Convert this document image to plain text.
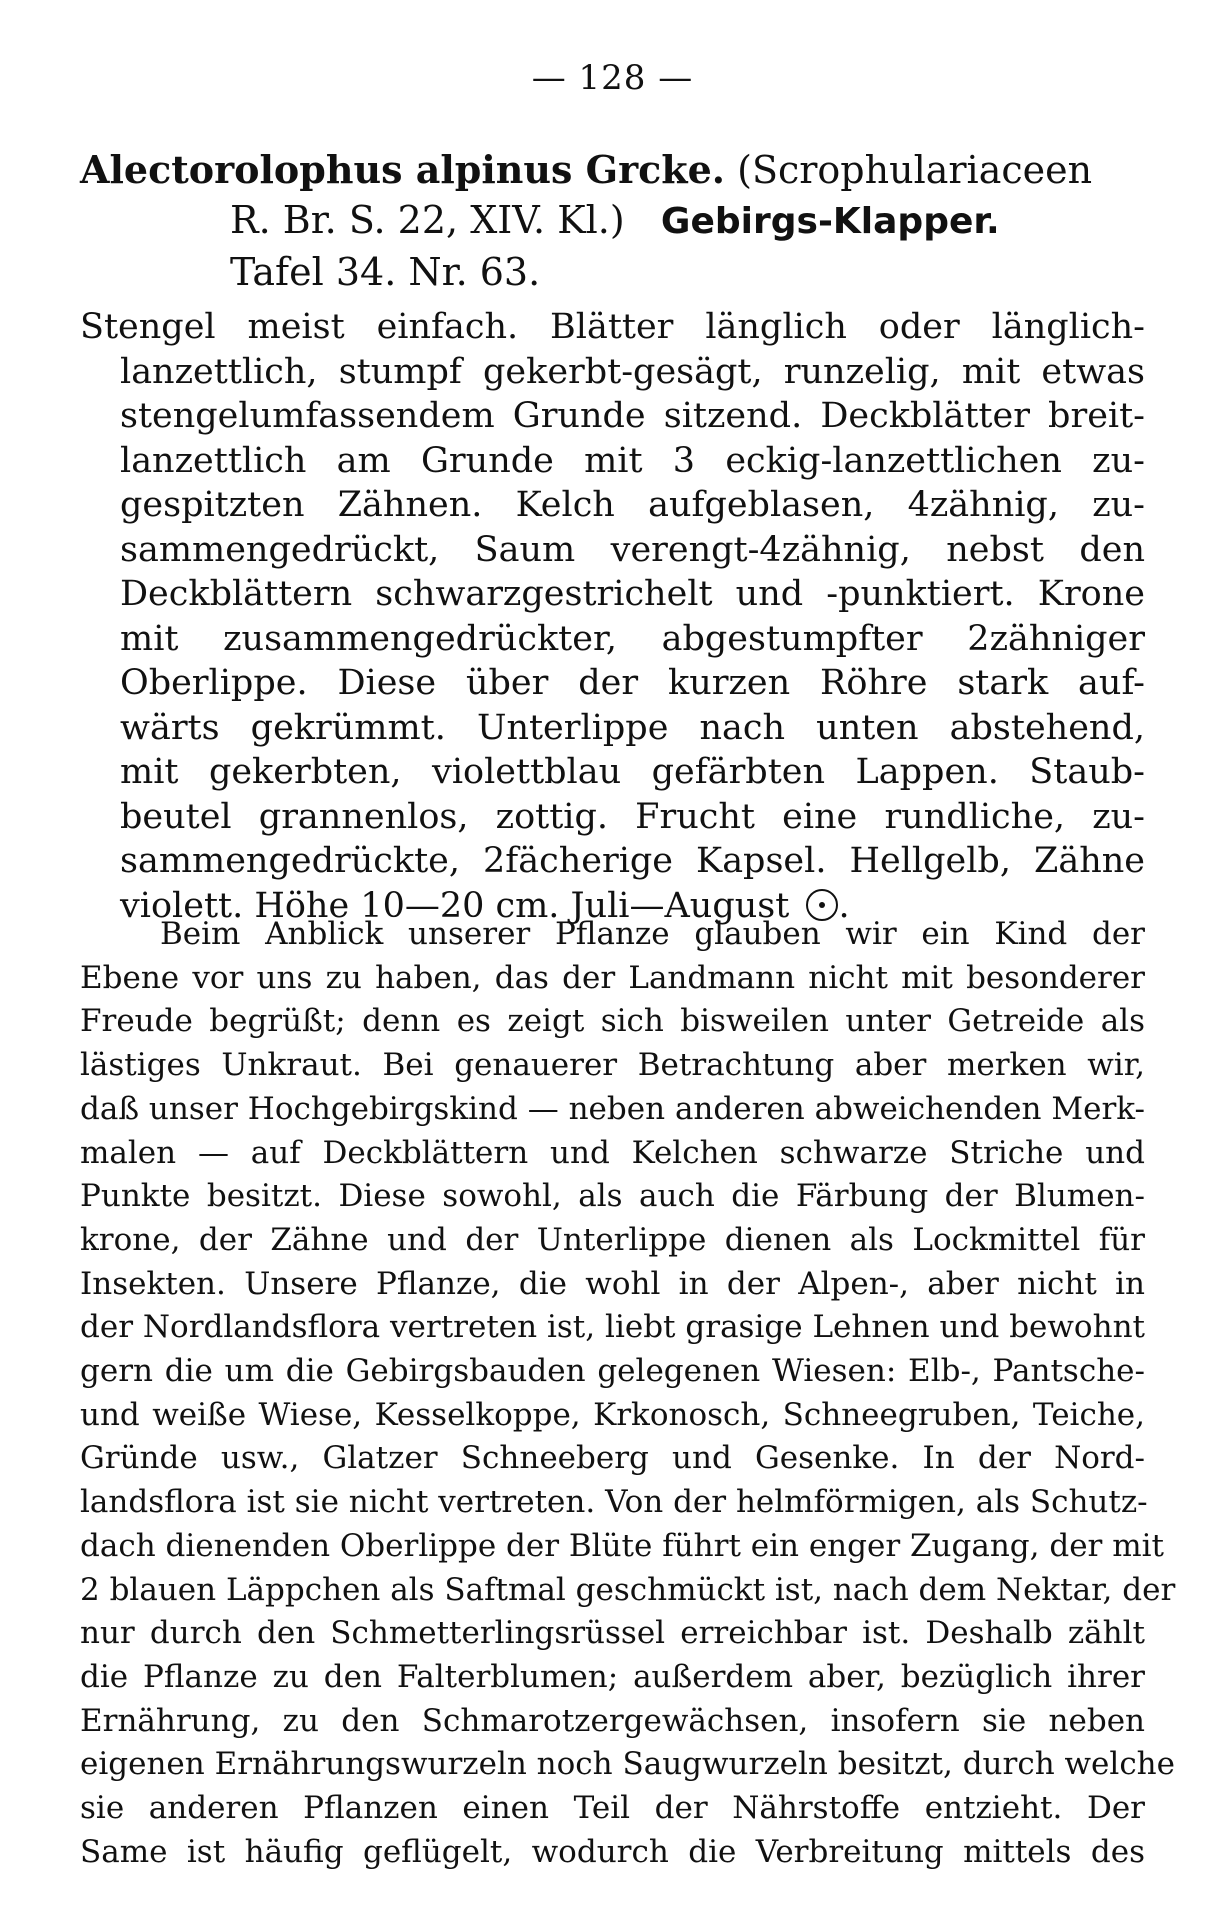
— 128 —
Alectorolophus alpinus Grcke. (Scrophulariaceen
R. Br. S. 22, XIV. Kl.) Gebirgs-Klapper.
Tafel 34. Nr. 63.
Stengel meist einfach. Blätter länglich oder länglich-
lanzettlich, stumpf gekerbt-gesägt, runzelig, mit etwas
stengelumfassendem Grunde sitzend. Deckblätter breit-
lanzettlich am Grunde mit 3 eckig-lanzettlichen zu-
gespitzten Zähnen. Kelch aufgeblasen, 4zähnig, zu-
sammengedrückt, Saum verengt-4zähnig, nebst den
Deckblättern schwarzgestrichelt und -punktiert. Krone
mit zusammengedrückter, abgestumpfter 2zähniger
Oberlippe. Diese über der kurzen Röhre stark auf-
wärts gekrümmt. Unterlippe nach unten abstehend,
mit gekerbten, violettblau gefärbten Lappen. Staub-
beutel grannenlos, zottig. Frucht eine rundliche, zu-
sammengedrückte, 2fächerige Kapsel. Hellgelb, Zähne
violett. Höhe 10—20 cm. Juli—August .
Beim Anblick unserer Pflanze glauben wir ein Kind der
Ebene vor uns zu haben, das der Landmann nicht mit besonderer
Freude begrüßt; denn es zeigt sich bisweilen unter Getreide als
lästiges Unkraut. Bei genauerer Betrachtung aber merken wir,
daß unser Hochgebirgskind — neben anderen abweichenden Merk-
malen — auf Deckblättern und Kelchen schwarze Striche und
Punkte besitzt. Diese sowohl, als auch die Färbung der Blumen-
krone, der Zähne und der Unterlippe dienen als Lockmittel für
Insekten. Unsere Pflanze, die wohl in der Alpen-, aber nicht in
der Nordlandsflora vertreten ist, liebt grasige Lehnen und bewohnt
gern die um die Gebirgsbauden gelegenen Wiesen: Elb-, Pantsche-
und weiße Wiese, Kesselkoppe, Krkonosch, Schneegruben, Teiche,
Gründe usw., Glatzer Schneeberg und Gesenke. In der Nord-
landsflora ist sie nicht vertreten. Von der helmförmigen, als Schutz-
dach dienenden Oberlippe der Blüte führt ein enger Zugang, der mit
2 blauen Läppchen als Saftmal geschmückt ist, nach dem Nektar, der
nur durch den Schmetterlingsrüssel erreichbar ist. Deshalb zählt
die Pflanze zu den Falterblumen; außerdem aber, bezüglich ihrer
Ernährung, zu den Schmarotzergewächsen, insofern sie neben
eigenen Ernährungswurzeln noch Saugwurzeln besitzt, durch welche
sie anderen Pflanzen einen Teil der Nährstoffe entzieht. Der
Same ist häufig geflügelt, wodurch die Verbreitung mittels des
